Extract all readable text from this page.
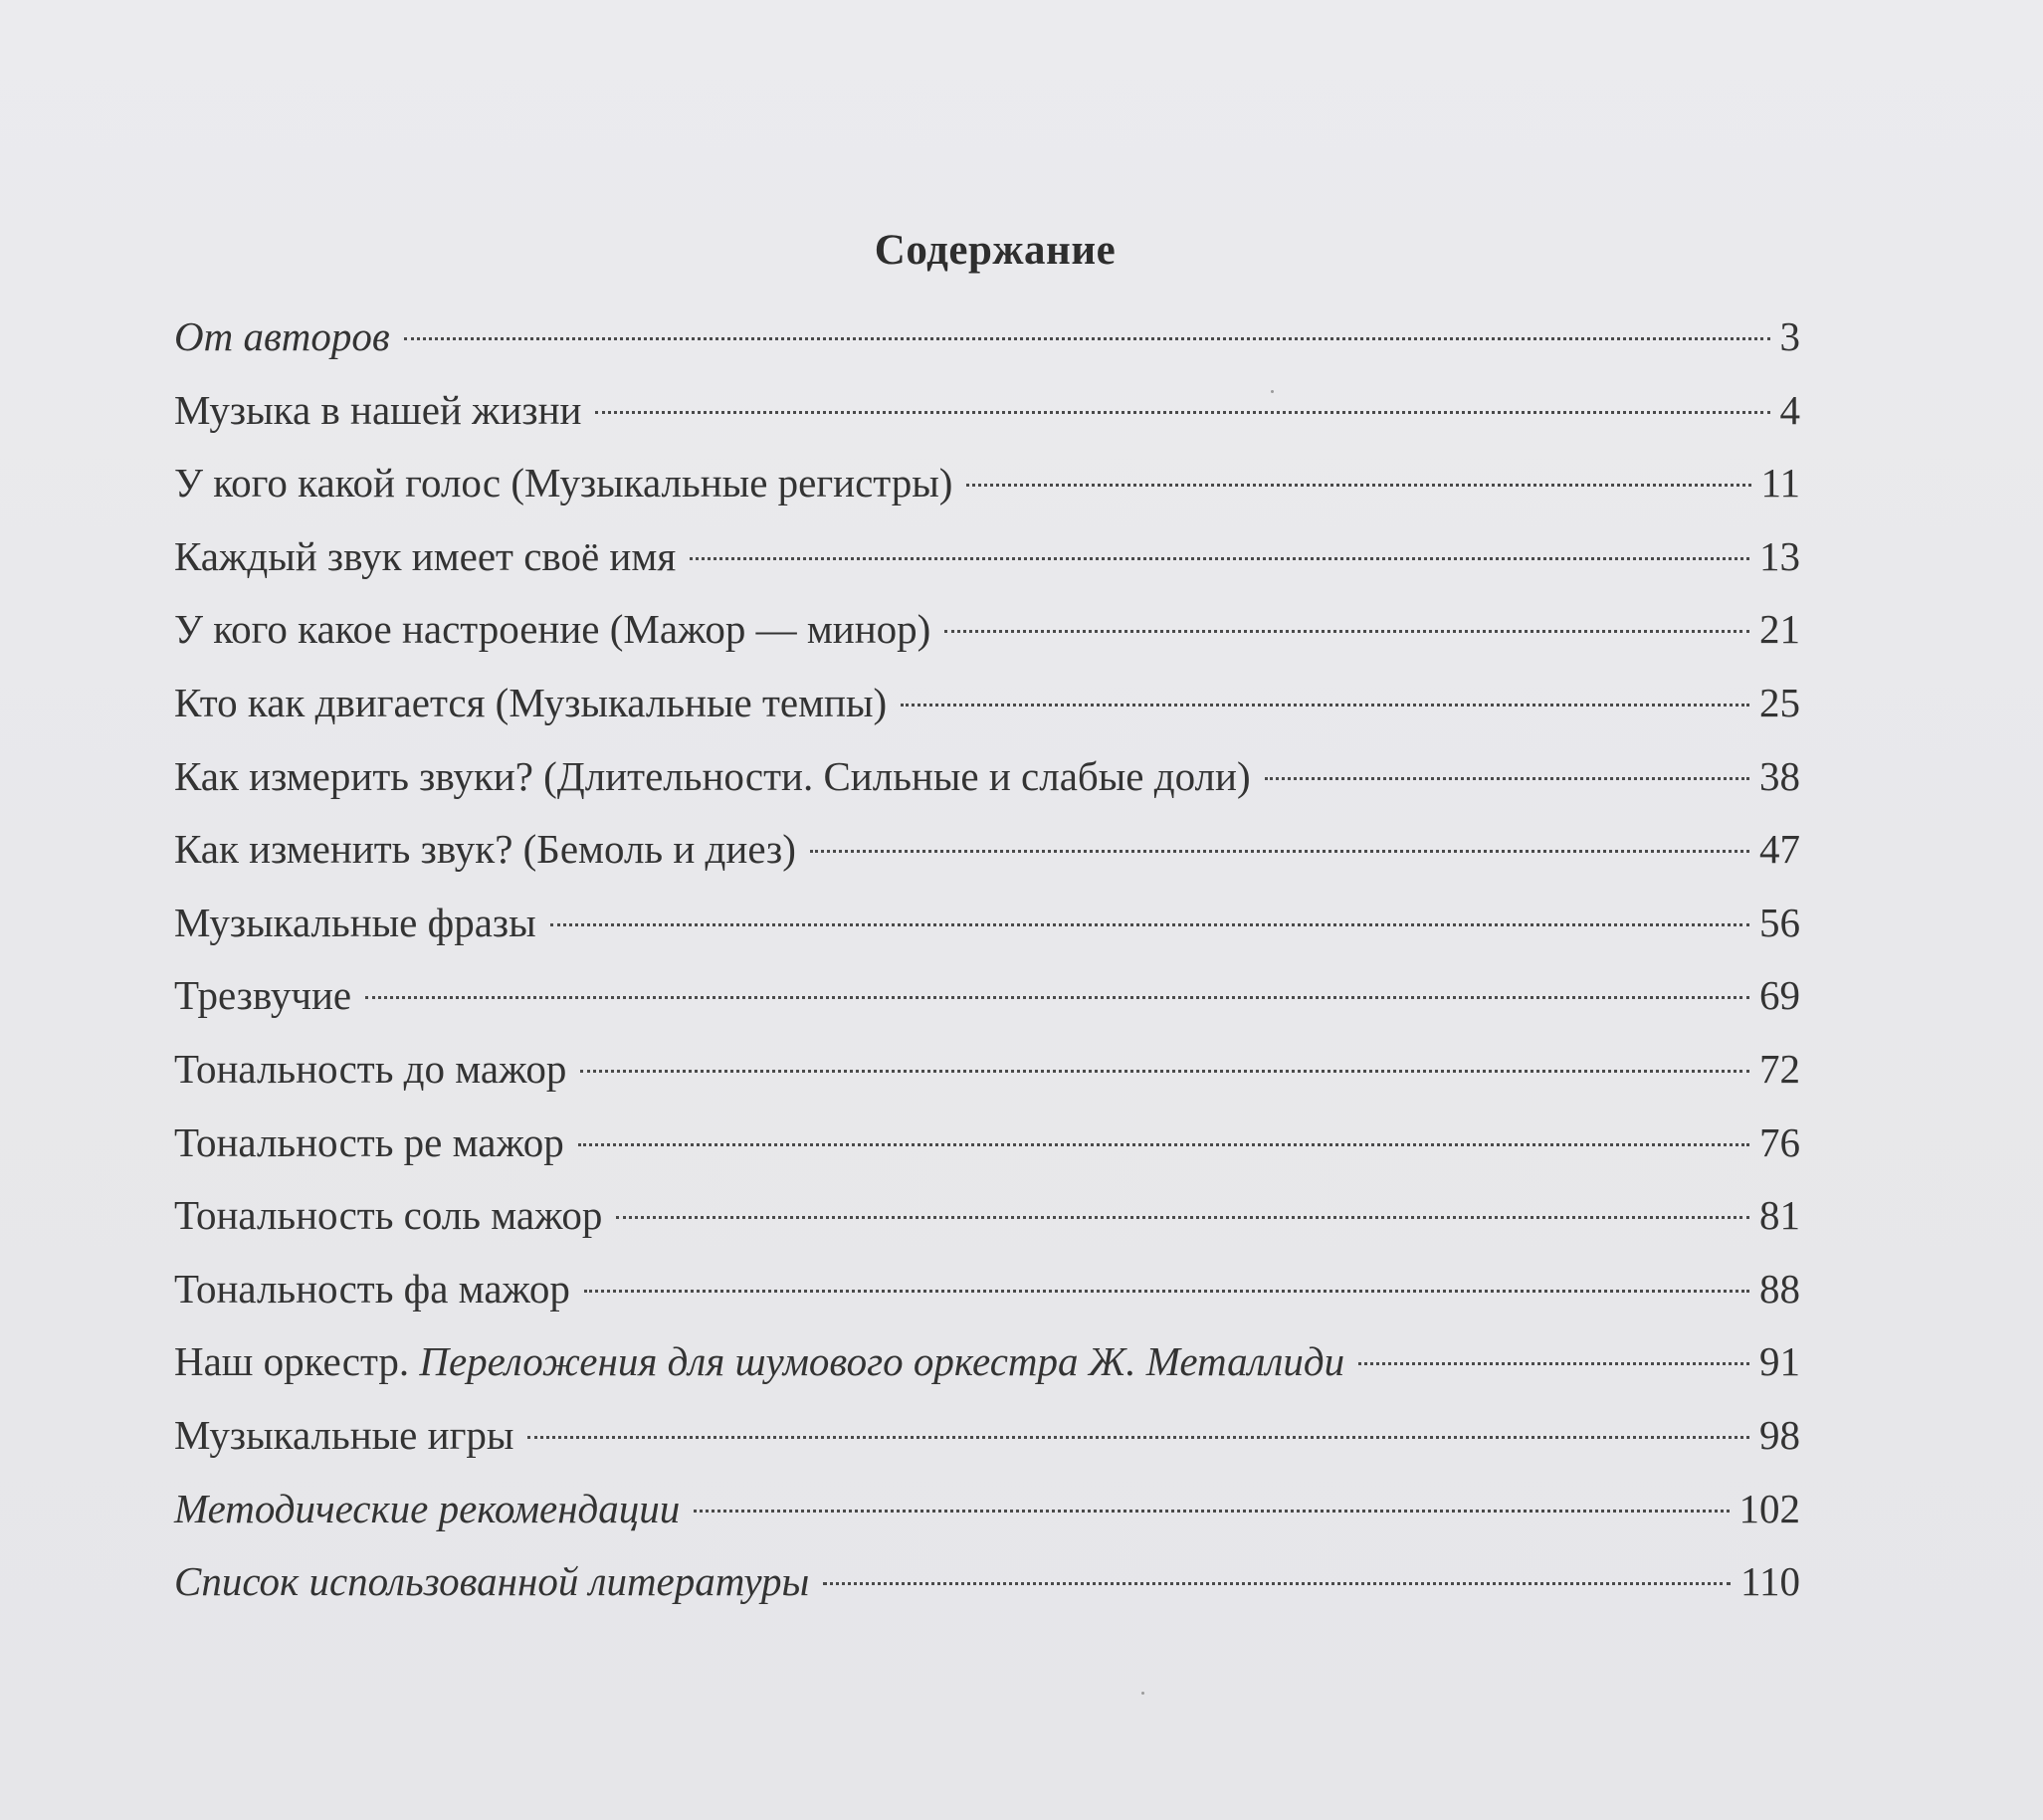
Содержание
От авторов	3
Музыка в нашей жизни	4
У кого какой голос (Музыкальные регистры)	11
Каждый звук имеет своё имя	13
У кого какое настроение (Мажор — минор)	21
Кто как двигается (Музыкальные темпы)	25
Как измерить звуки? (Длительности. Сильные и слабые доли)	38
Как изменить звук? (Бемоль и диез)	47
Музыкальные фразы	56
Трезвучие	69
Тональность до мажор	72
Тональность ре мажор	76
Тональность соль мажор	81
Тональность фа мажор	88
Наш оркестр. Переложения для шумового оркестра Ж. Металлиди	91
Музыкальные игры	98
Методические рекомендации	102
Список использованной литературы	110
